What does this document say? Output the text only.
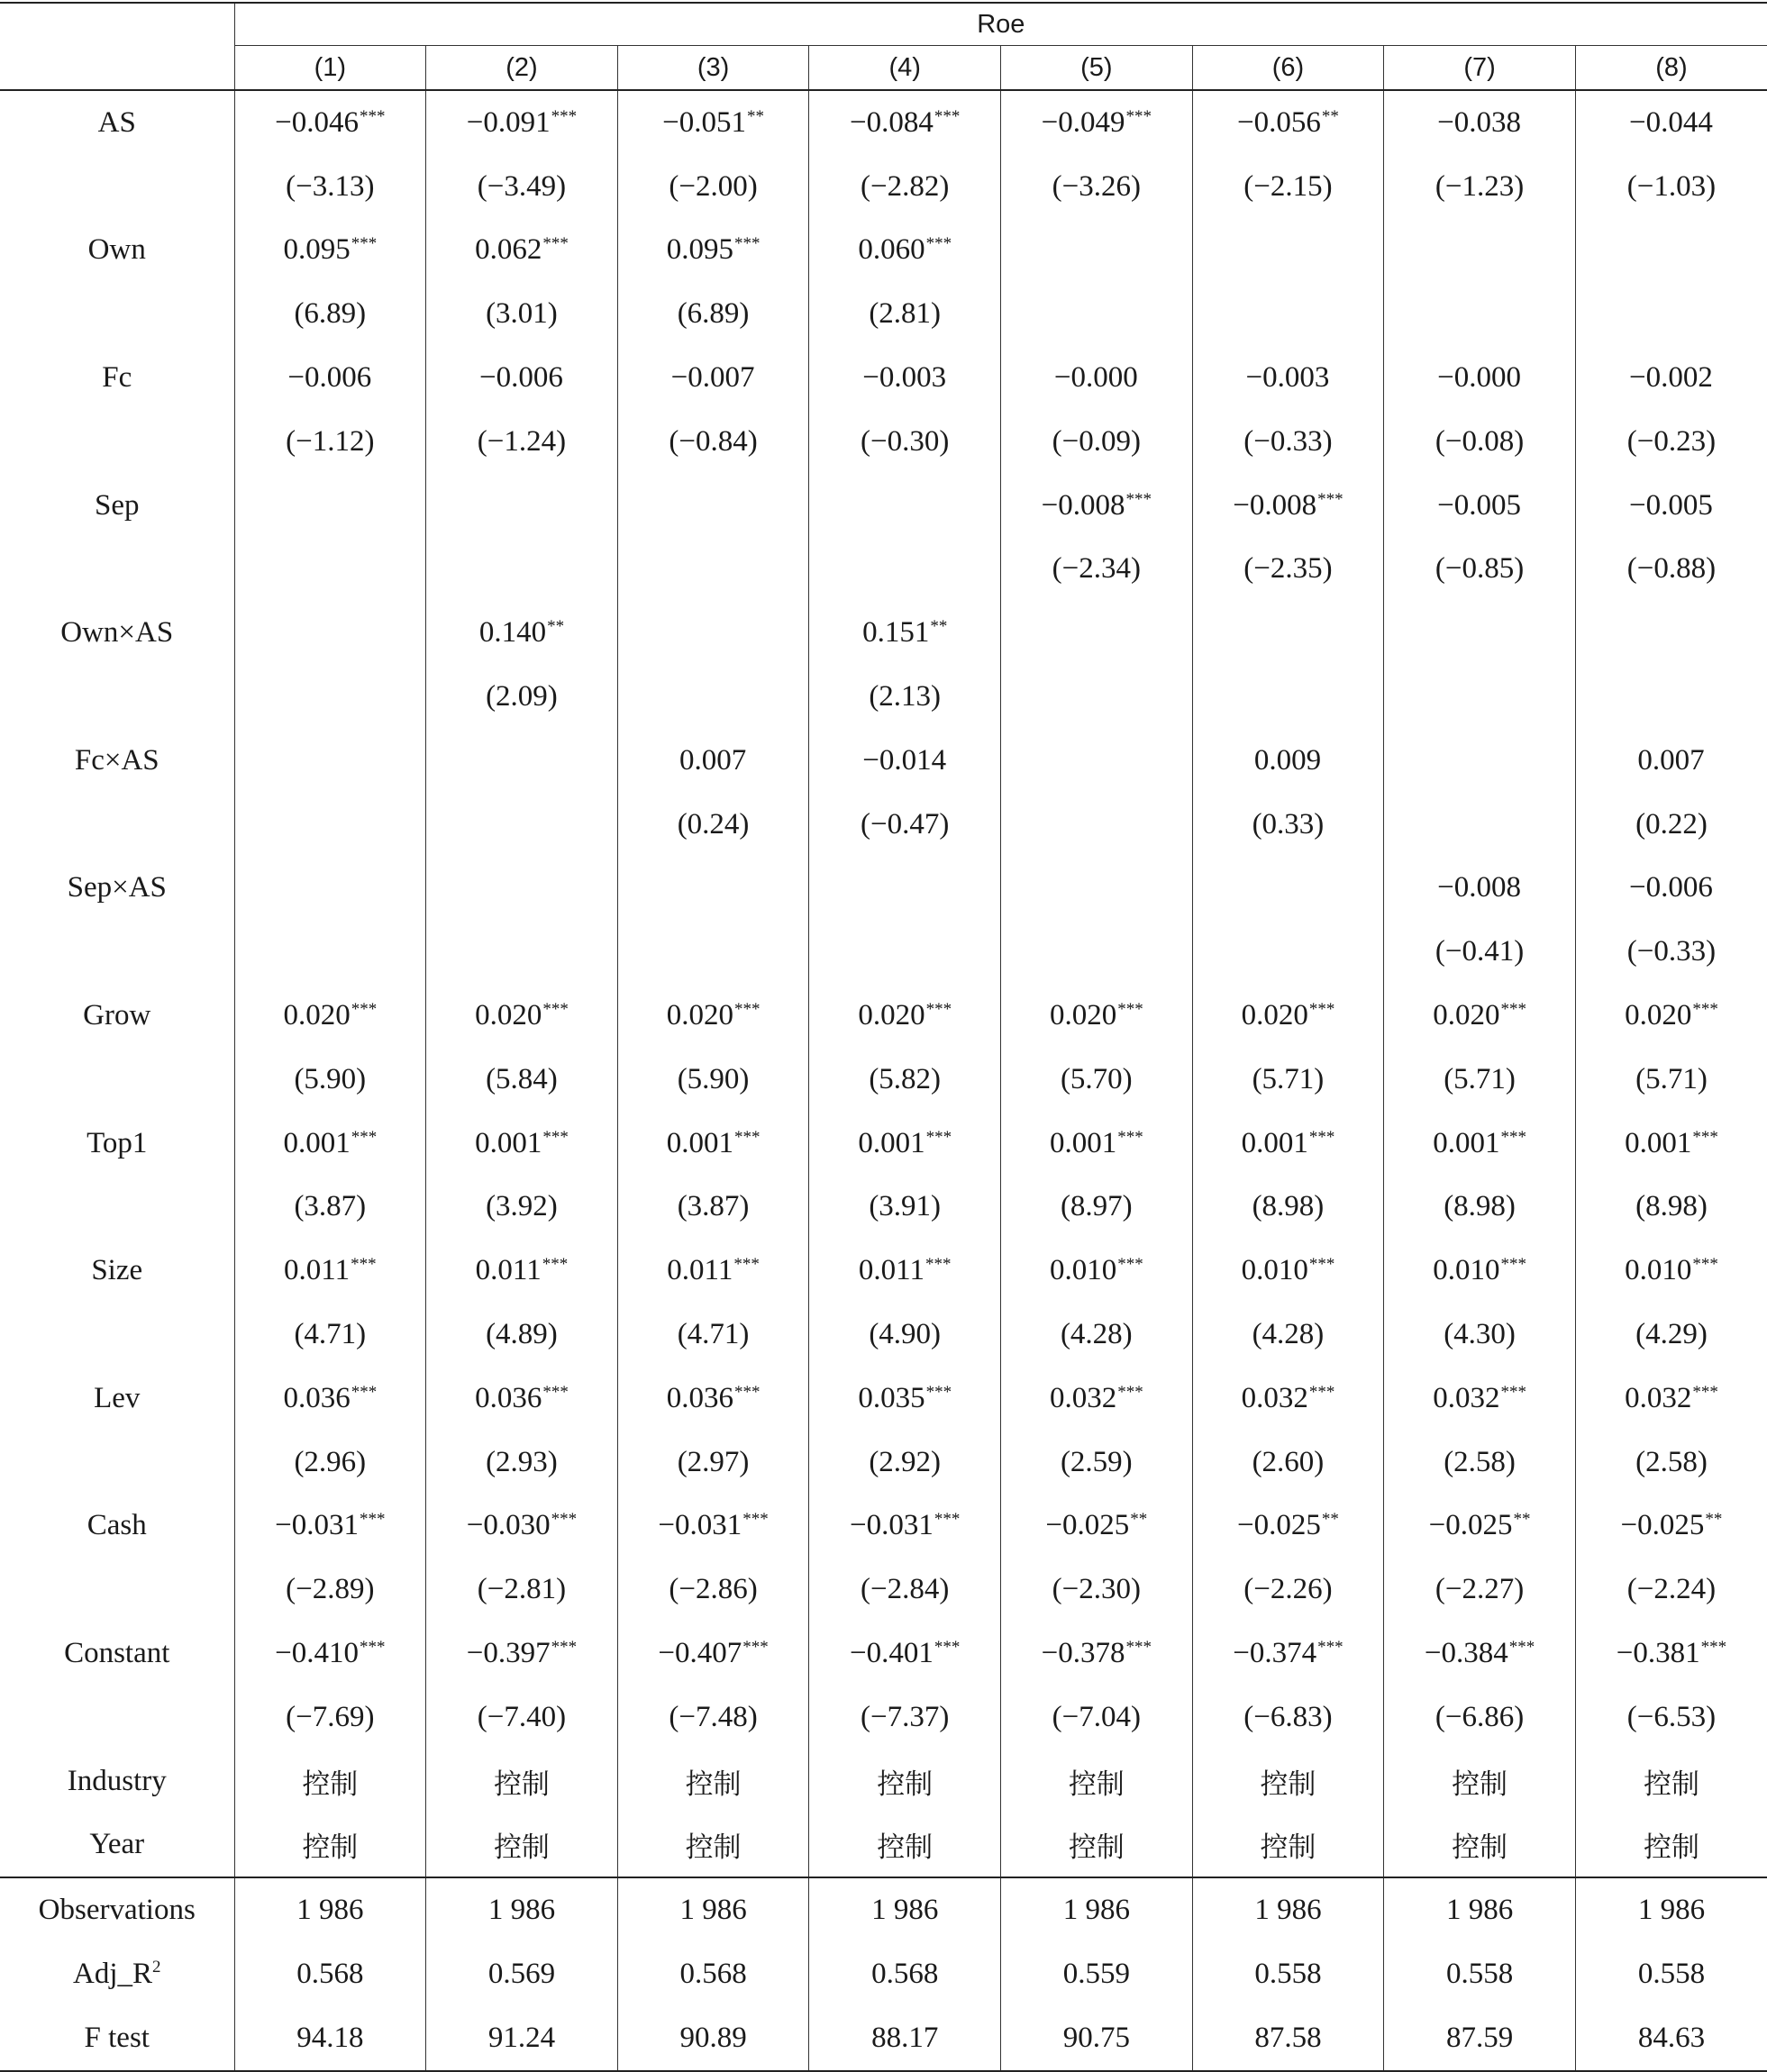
	Roe							
	(1)	(2)	(3)	(4)	(5)	(6)	(7)	(8)
AS	−0.046***	−0.091***	−0.051**	−0.084***	−0.049***	−0.056**	−0.038	−0.044
	(−3.13)	(−3.49)	(−2.00)	(−2.82)	(−3.26)	(−2.15)	(−1.23)	(−1.03)
Own	0.095***	0.062***	0.095***	0.060***				
	(6.89)	(3.01)	(6.89)	(2.81)				
Fc	−0.006	−0.006	−0.007	−0.003	−0.000	−0.003	−0.000	−0.002
	(−1.12)	(−1.24)	(−0.84)	(−0.30)	(−0.09)	(−0.33)	(−0.08)	(−0.23)
Sep					−0.008***	−0.008***	−0.005	−0.005
					(−2.34)	(−2.35)	(−0.85)	(−0.88)
Own×AS		0.140**		0.151**				
		(2.09)		(2.13)				
Fc×AS			0.007	−0.014		0.009		0.007
			(0.24)	(−0.47)		(0.33)		(0.22)
Sep×AS							−0.008	−0.006
							(−0.41)	(−0.33)
Grow	0.020***	0.020***	0.020***	0.020***	0.020***	0.020***	0.020***	0.020***
	(5.90)	(5.84)	(5.90)	(5.82)	(5.70)	(5.71)	(5.71)	(5.71)
Top1	0.001***	0.001***	0.001***	0.001***	0.001***	0.001***	0.001***	0.001***
	(3.87)	(3.92)	(3.87)	(3.91)	(8.97)	(8.98)	(8.98)	(8.98)
Size	0.011***	0.011***	0.011***	0.011***	0.010***	0.010***	0.010***	0.010***
	(4.71)	(4.89)	(4.71)	(4.90)	(4.28)	(4.28)	(4.30)	(4.29)
Lev	0.036***	0.036***	0.036***	0.035***	0.032***	0.032***	0.032***	0.032***
	(2.96)	(2.93)	(2.97)	(2.92)	(2.59)	(2.60)	(2.58)	(2.58)
Cash	−0.031***	−0.030***	−0.031***	−0.031***	−0.025**	−0.025**	−0.025**	−0.025**
	(−2.89)	(−2.81)	(−2.86)	(−2.84)	(−2.30)	(−2.26)	(−2.27)	(−2.24)
Constant	−0.410***	−0.397***	−0.407***	−0.401***	−0.378***	−0.374***	−0.384***	−0.381***
	(−7.69)	(−7.40)	(−7.48)	(−7.37)	(−7.04)	(−6.83)	(−6.86)	(−6.53)
Industry	控制	控制	控制	控制	控制	控制	控制	控制
Year	控制	控制	控制	控制	控制	控制	控制	控制
Observations	1 986	1 986	1 986	1 986	1 986	1 986	1 986	1 986
$Adj\_R^2$	0.568	0.569	0.568	0.568	0.559	0.558	0.558	0.558
F test	94.18	91.24	90.89	88.17	90.75	87.58	87.59	84.63
